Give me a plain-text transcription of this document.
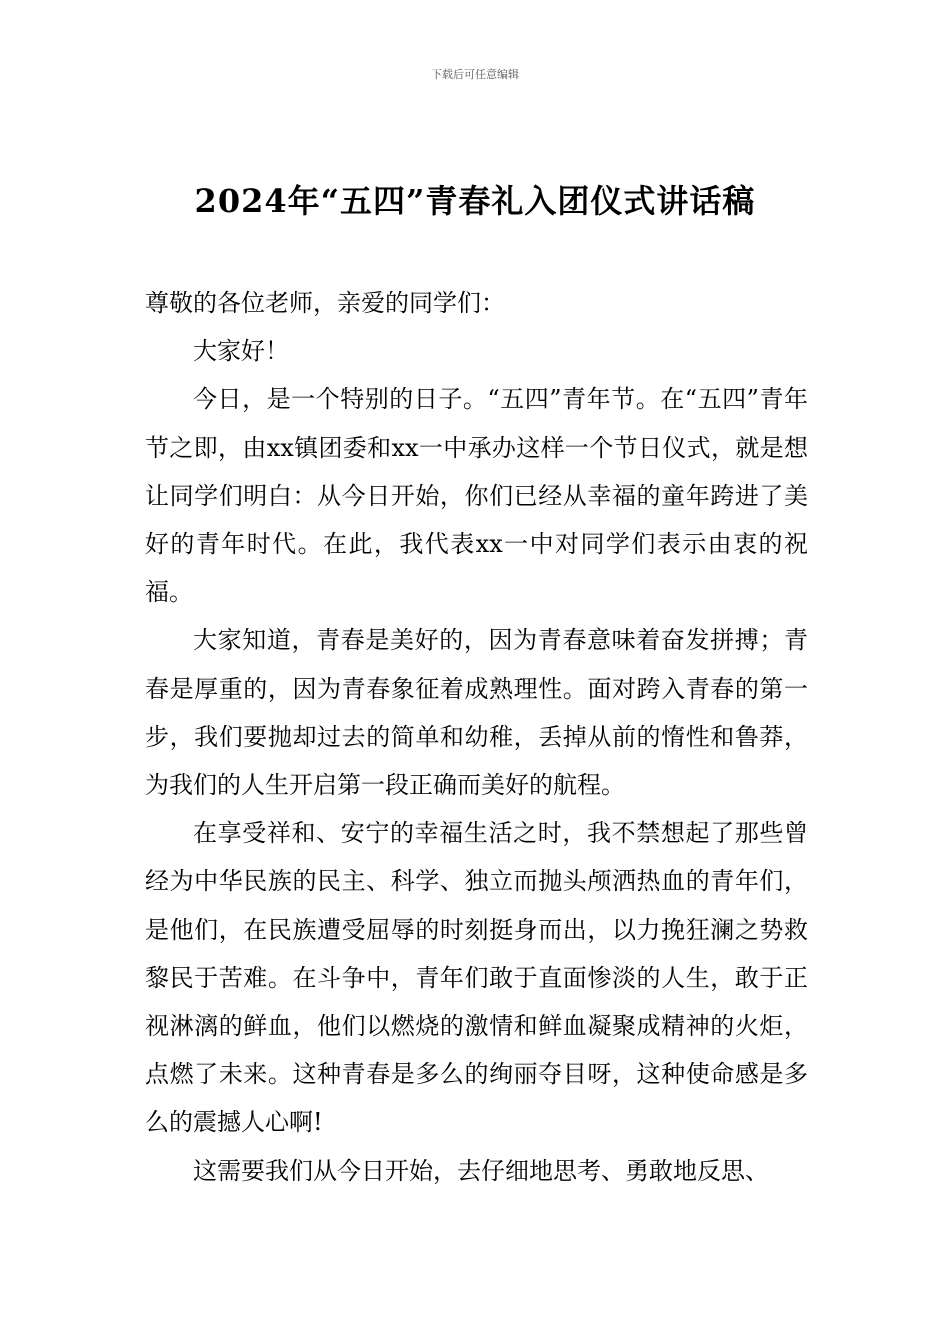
下载后可任意编辑
2024年“五四”青春礼入团仪式讲话稿

尊敬的各位老师，亲爱的同学们：

大家好！

今日，是一个特别的日子。“五四”青年节。在“五四”青年节之即，由xx镇团委和xx一中承办这样一个节日仪式，就是想让同学们明白：从今日开始，你们已经从幸福的童年跨进了美好的青年时代。在此，我代表xx一中对同学们表示由衷的祝福。

大家知道，青春是美好的，因为青春意味着奋发拼搏；青春是厚重的，因为青春象征着成熟理性。面对跨入青春的第一步，我们要抛却过去的简单和幼稚，丢掉从前的惰性和鲁莽，为我们的人生开启第一段正确而美好的航程。

在享受祥和、安宁的幸福生活之时，我不禁想起了那些曾经为中华民族的民主、科学、独立而抛头颅洒热血的青年们，是他们，在民族遭受屈辱的时刻挺身而出，以力挽狂澜之势救黎民于苦难。在斗争中，青年们敢于直面惨淡的人生，敢于正视淋漓的鲜血，他们以燃烧的激情和鲜血凝聚成精神的火炬，点燃了未来。这种青春是多么的绚丽夺目呀，这种使命感是多么的震撼人心啊!

这需要我们从今日开始，去仔细地思考、勇敢地反思、
